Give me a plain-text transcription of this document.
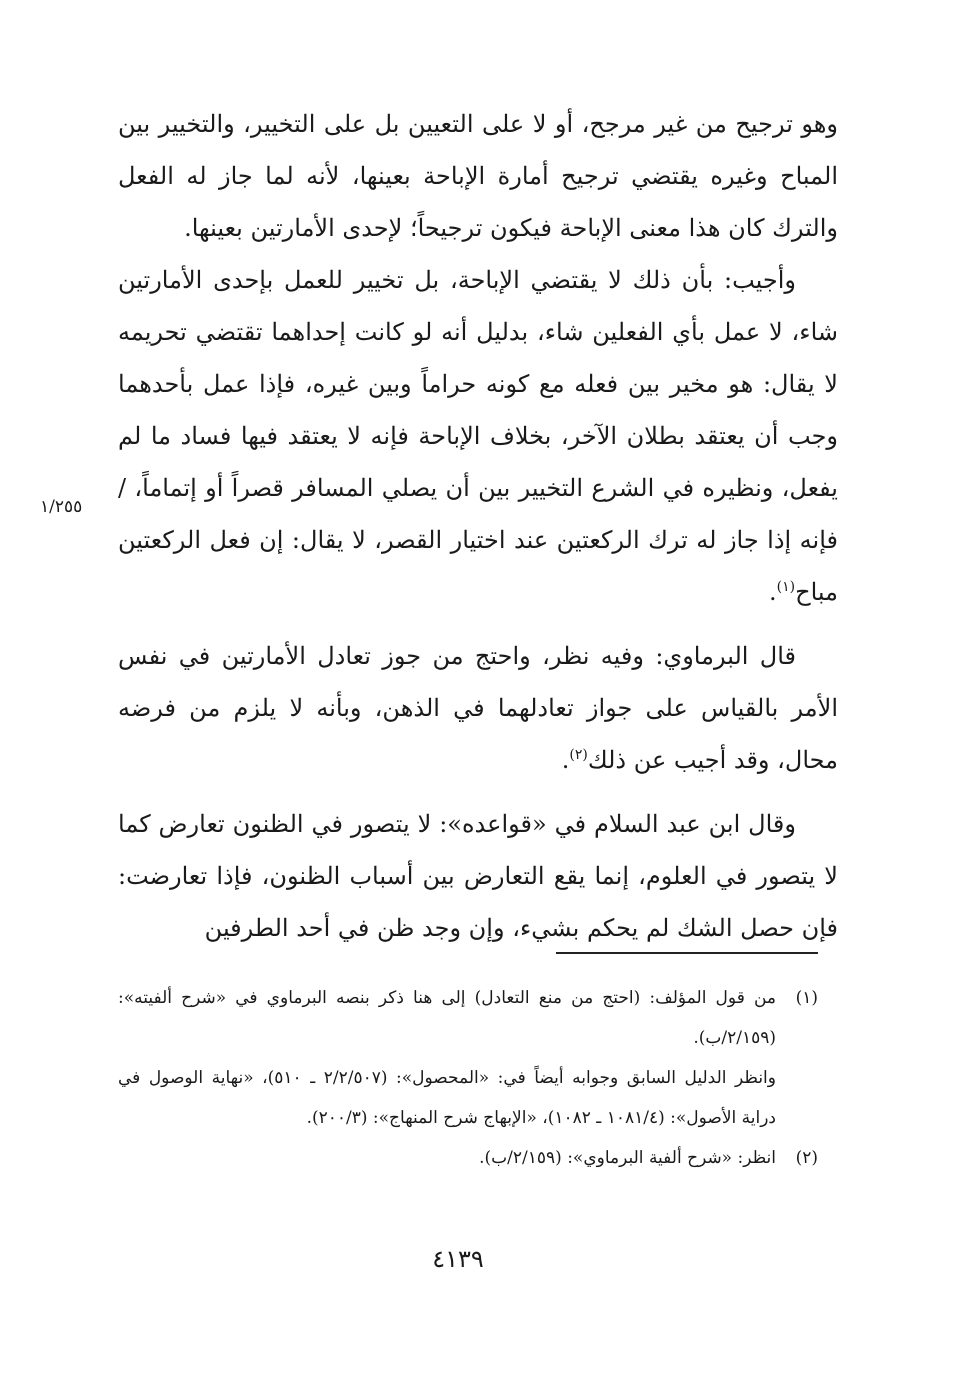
وهو ترجيح من غير مرجح، أو لا على التعيين بل على التخيير، والتخيير بين المباح وغيره يقتضي ترجيح أمارة الإباحة بعينها، لأنه لما جاز له الفعل والترك كان هذا معنى الإباحة فيكون ترجيحاً؛ لإحدى الأمارتين بعينها.

وأجيب: بأن ذلك لا يقتضي الإباحة، بل تخيير للعمل بإحدى الأمارتين شاء، لا عمل بأي الفعلين شاء، بدليل أنه لو كانت إحداهما تقتضي تحريمه لا يقال: هو مخير بين فعله مع كونه حراماً وبين غيره، فإذا عمل بأحدهما وجب أن يعتقد بطلان الآخر، بخلاف الإباحة فإنه لا يعتقد فيها فساد ما لم يفعل، ونظيره في الشرع التخيير بين أن يصلي المسافر قصراً أو إتماماً، / فإنه إذا جاز له ترك الركعتين عند اختيار القصر، لا يقال: إن فعل الركعتين مباح$^{(١)}$.

قال البرماوي: وفيه نظر، واحتج من جوز تعادل الأمارتين في نفس الأمر بالقياس على جواز تعادلهما في الذهن، وبأنه لا يلزم من فرضه محال، وقد أجيب عن ذلك$^{(٢)}$.

وقال ابن عبد السلام في «قواعده»: لا يتصور في الظنون تعارض كما لا يتصور في العلوم، إنما يقع التعارض بين أسباب الظنون، فإذا تعارضت: فإن حصل الشك لم يحكم بشيء، وإن وجد ظن في أحد الطرفين

١/٢٥٥
(١)
من قول المؤلف: (احتج من منع التعادل) إلى هنا ذكر بنصه البرماوي في «شرح ألفيته»: (٢/١٥٩/ب).

وانظر الدليل السابق وجوابه أيضاً في: «المحصول»: (٢/٢/٥٠٧ ـ ٥١٠)، «نهاية الوصول في دراية الأصول»: (١٠٨١/٤ ـ ١٠٨٢)، «الإبهاج شرح المنهاج»: (٢٠٠/٣).

(٢)
انظر: «شرح ألفية البرماوي»: (٢/١٥٩/ب).
٤١٣٩
